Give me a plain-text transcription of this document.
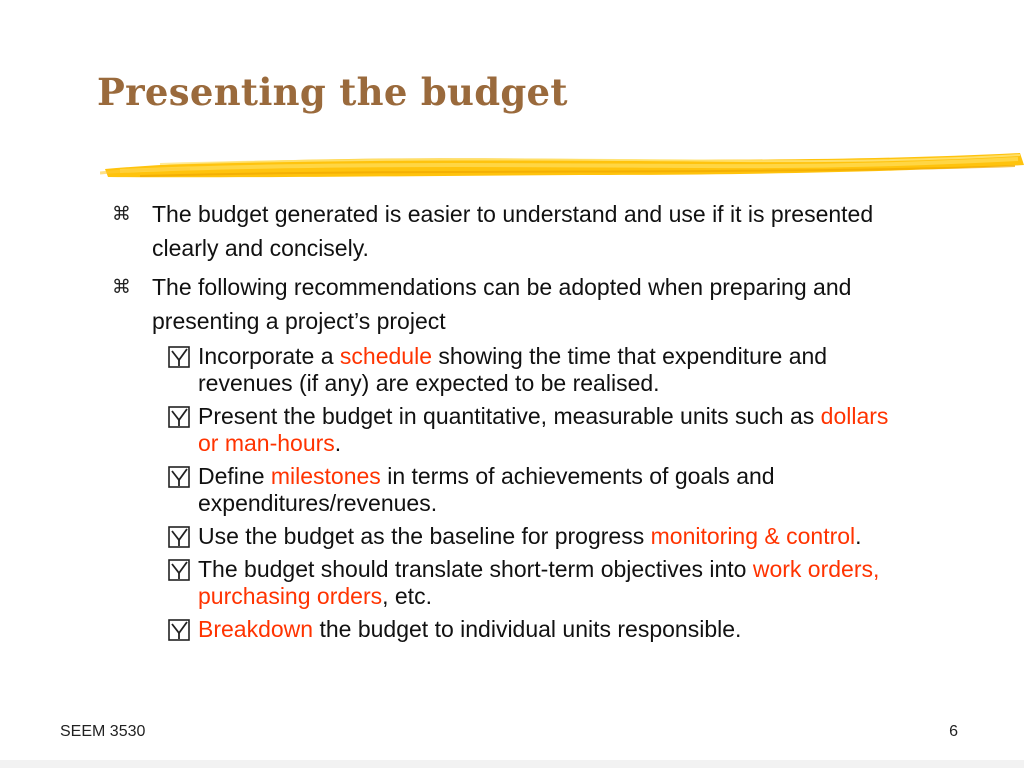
Presenting the budget
⌘ The budget generated is easier to understand and use if it is presented clearly and concisely.
⌘ The following recommendations can be adopted when preparing and presenting a project’s project
Incorporate a schedule showing the time that expenditure and revenues (if any) are expected to be realised.
Present the budget in quantitative, measurable units such as dollars or man-hours.
Define milestones in terms of achievements of goals and expenditures/revenues.
Use the budget as the baseline for progress monitoring & control.
The budget should translate short-term objectives into work orders, purchasing orders, etc.
Breakdown the budget to individual units responsible.
SEEM 3530	6
